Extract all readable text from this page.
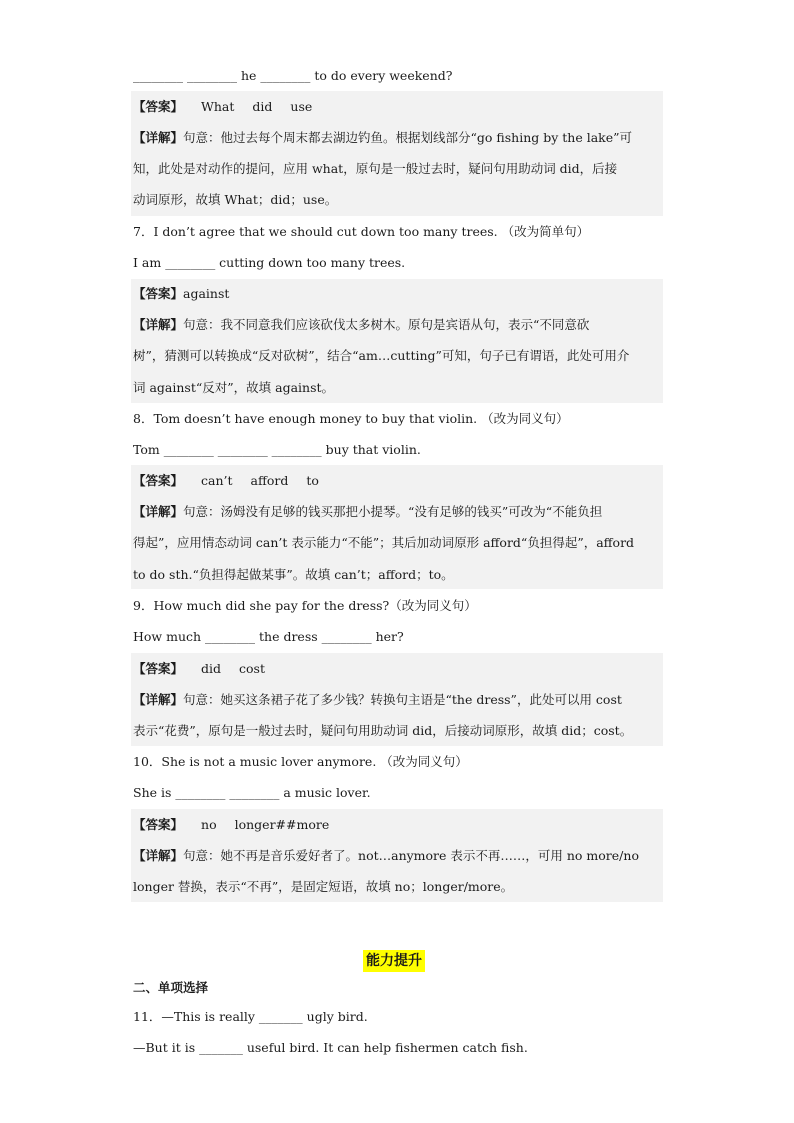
________ ________ he ________ to do every weekend?
【答案】 What did use
【详解】句意：他过去每个周末都去湖边钓鱼。根据划线部分“go fishing by the lake”可
知，此处是对动作的提问，应用 what，原句是一般过去时，疑问句用助动词 did，后接
动词原形，故填 What；did；use。
7．I don’t agree that we should cut down too many trees. （改为简单句）
I am ________ cutting down too many trees.
【答案】against
【详解】句意：我不同意我们应该砍伐太多树木。原句是宾语从句，表示“不同意砍
树”，猜测可以转换成“反对砍树”，结合“am…cutting”可知，句子已有谓语，此处可用介
词 against“反对”，故填 against。
8．Tom doesn’t have enough money to buy that violin. （改为同义句）
Tom ________ ________ ________ buy that violin.
【答案】 can’t afford to
【详解】句意：汤姆没有足够的钱买那把小提琴。“没有足够的钱买”可改为“不能负担
得起”，应用情态动词 can’t 表示能力“不能”；其后加动词原形 afford“负担得起”，afford
to do sth.“负担得起做某事”。故填 can’t；afford；to。
9．How much did she pay for the dress?（改为同义句）
How much ________ the dress ________ her?
【答案】 did cost
【详解】句意：她买这条裙子花了多少钱？转换句主语是“the dress”，此处可以用 cost
表示“花费”，原句是一般过去时，疑问句用助动词 did，后接动词原形，故填 did；cost。
10．She is not a music lover anymore. （改为同义句）
She is ________ ________ a music lover.
【答案】 no longer##more
【详解】句意：她不再是音乐爱好者了。not…anymore 表示不再……，可用 no more/no
longer 替换，表示“不再”，是固定短语，故填 no；longer/more。
能力提升
二、单项选择
11．—This is really _______ ugly bird.
—But it is _______ useful bird. It can help fishermen catch fish.
